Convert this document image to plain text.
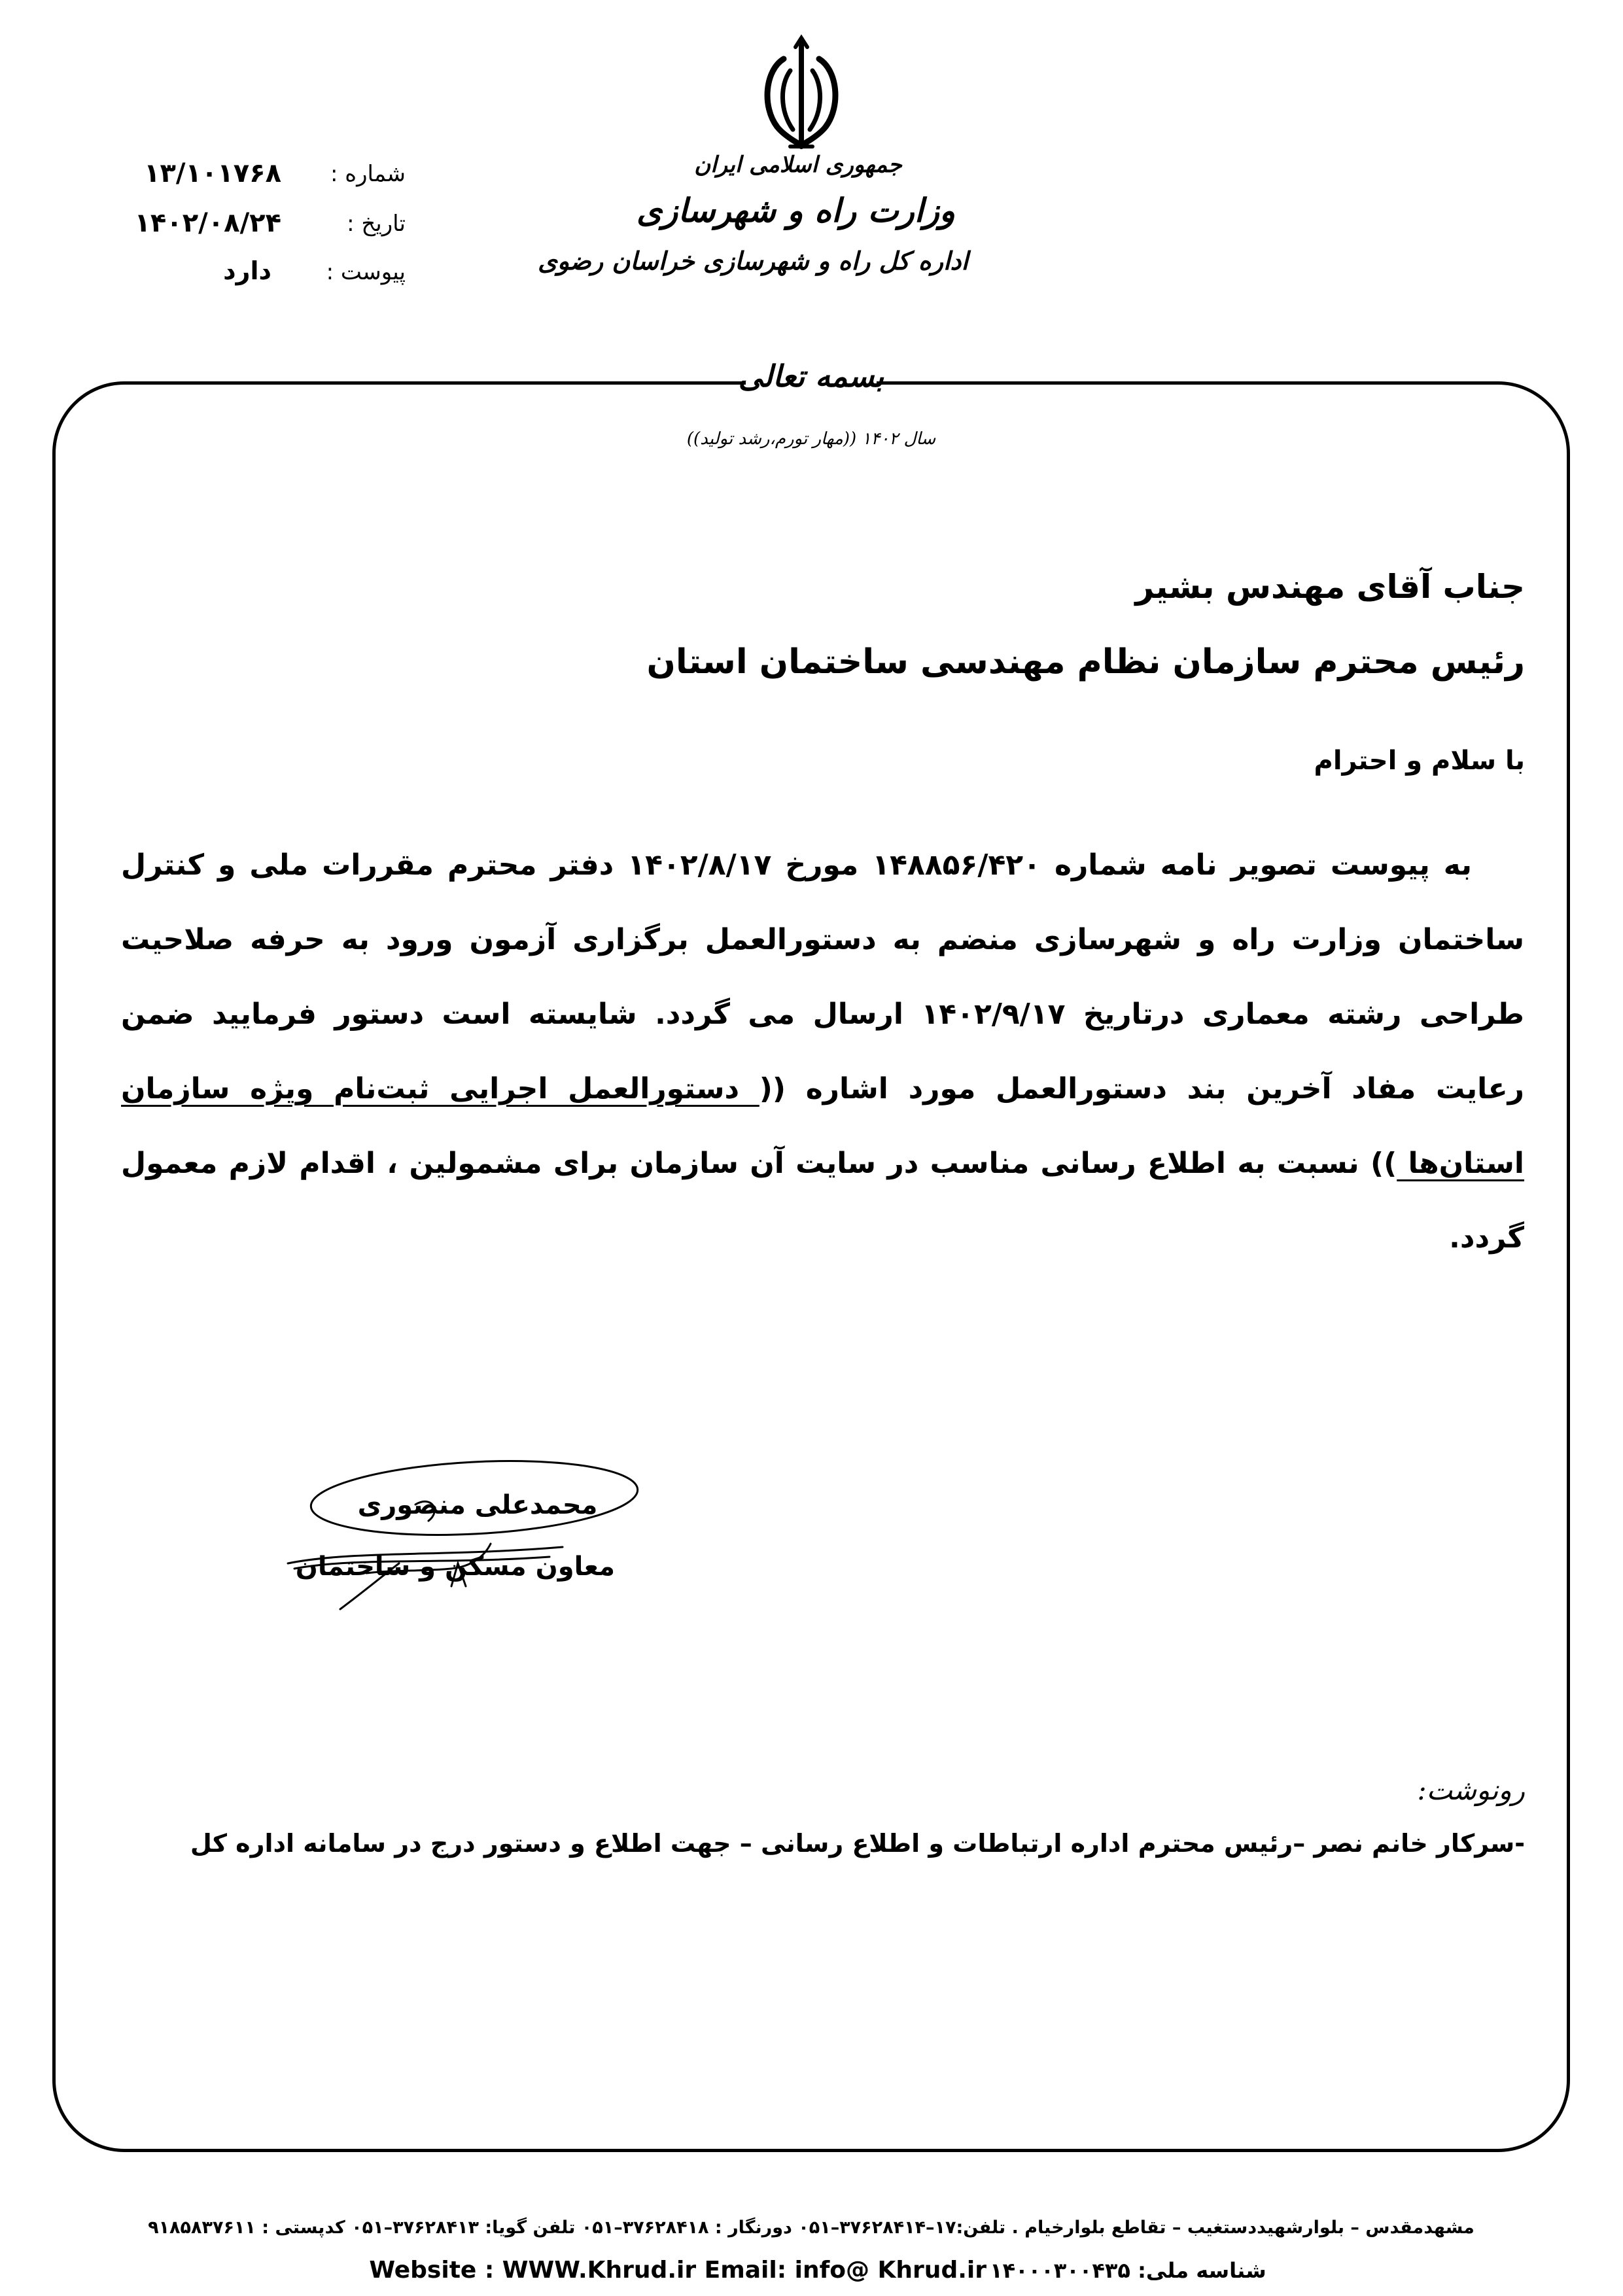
شماره :
۱۳/۱۰۱۷۶۸
تاریخ :
۱۴۰۲/۰۸/۲۴
پیوست :
دارد
جمهوری اسلامی ایران
وزارت راه و شهرسازی
اداره کل راه و شهرسازی خراسان رضوی
بسمه تعالی
سال ۱۴۰۲ ((مهار تورم،رشد تولید))
جناب آقای مهندس بشیر
رئیس محترم سازمان نظام مهندسی ساختمان استان
با سلام و احترام
به پیوست تصویر نامه شماره ۱۴۸۸۵۶/۴۲۰ مورخ ۱۴۰۲/۸/۱۷ دفتر محترم مقررات ملی و کنترل ساختمان وزارت راه و شهرسازی منضم به دستورالعمل برگزاری آزمون ورود به حرفه صلاحیت طراحی رشته معماری درتاریخ ۱۴۰۲/۹/۱۷ ارسال می گردد. شایسته است دستور فرمایید ضمن رعایت مفاد آخرین بند دستورالعمل مورد اشاره (( دستورالعمل اجرایی ثبت‌نام ویژه سازمان استان‌ها )) نسبت به اطلاع رسانی مناسب در سایت آن سازمان برای مشمولین ، اقدام لازم معمول گردد.
محمدعلی منصوری
معاون مسکن و ساختمان
رونوشت:
-سرکار خانم نصر –رئیس محترم اداره ارتباطات و اطلاع رسانی – جهت اطلاع و دستور درج در سامانه اداره کل
مشهدمقدس – بلوارشهیددستغیب – تقاطع بلوارخیام . تلفن:۱۷–۳۷۶۲۸۴۱۴–۰۵۱ دورنگار : ۳۷۶۲۸۴۱۸–۰۵۱ تلفن گویا: ۳۷۶۲۸۴۱۳–۰۵۱ کدپستی : ۹۱۸۵۸۳۷۶۱۱
Website : WWW.Khrud.ir Email: info@ Khrud.ir شناسه ملی: ۱۴۰۰۰۳۰۰۴۳۵
